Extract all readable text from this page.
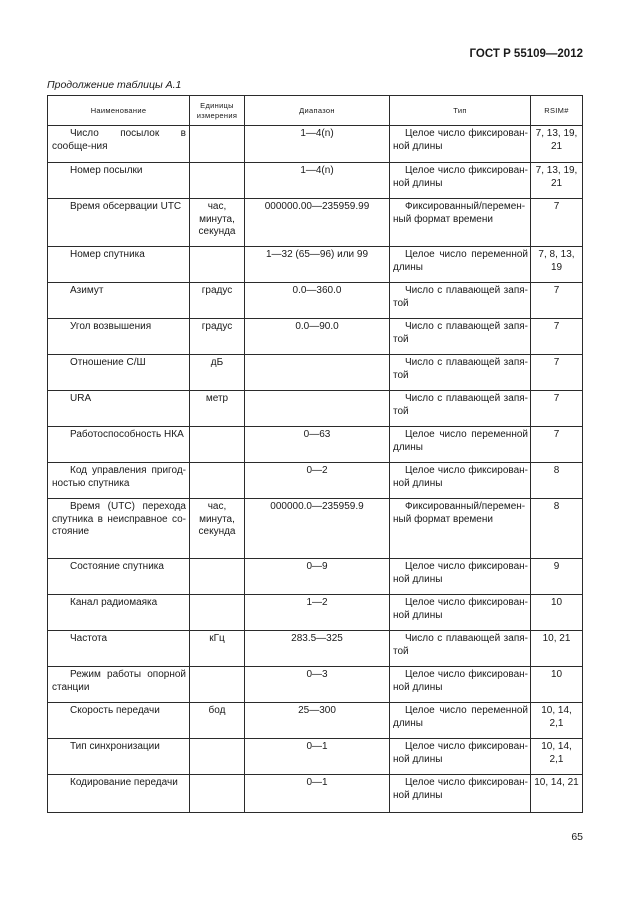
ГОСТ Р 55109—2012
Продолжение таблицы А.1
Наименование	Единицы измерения	Диапазон	Тип	RSIM#
Число посылок в сообще-ния		1—4(n)	Целое число фиксирован-ной длины	7, 13, 19, 21
Номер посылки		1—4(n)	Целое число фиксирован-ной длины	7, 13, 19, 21
Время обсервации UTC	час, минута, секунда	000000.00—235959.99	Фиксированный/перемен-ный формат времени	7
Номер спутника		1—32 (65—96) или 99	Целое число переменной длины	7, 8, 13, 19
Азимут	градус	0.0—360.0	Число с плавающей запя-той	7
Угол возвышения	градус	0.0—90.0	Число с плавающей запя-той	7
Отношение С/Ш	дБ		Число с плавающей запя-той	7
URA	метр		Число с плавающей запя-той	7
Работоспособность НКА		0—63	Целое число переменной длины	7
Код управления пригод-ностью спутника		0—2	Целое число фиксирован-ной длины	8
Время (UTC) перехода спутника в неисправное со-стояние	час, минута, секунда	000000.0—235959.9	Фиксированный/перемен-ный формат времени	8
Состояние спутника		0—9	Целое число фиксирован-ной длины	9
Канал радиомаяка		1—2	Целое число фиксирован-ной длины	10
Частота	кГц	283.5—325	Число с плавающей запя-той	10, 21
Режим работы опорной станции		0—3	Целое число фиксирован-ной длины	10
Скорость передачи	бод	25—300	Целое число переменной длины	10, 14, 2,1
Тип синхронизации		0—1	Целое число фиксирован-ной длины	10, 14, 2,1
Кодирование передачи		0—1	Целое число фиксирован-ной длины	10, 14, 21
65
